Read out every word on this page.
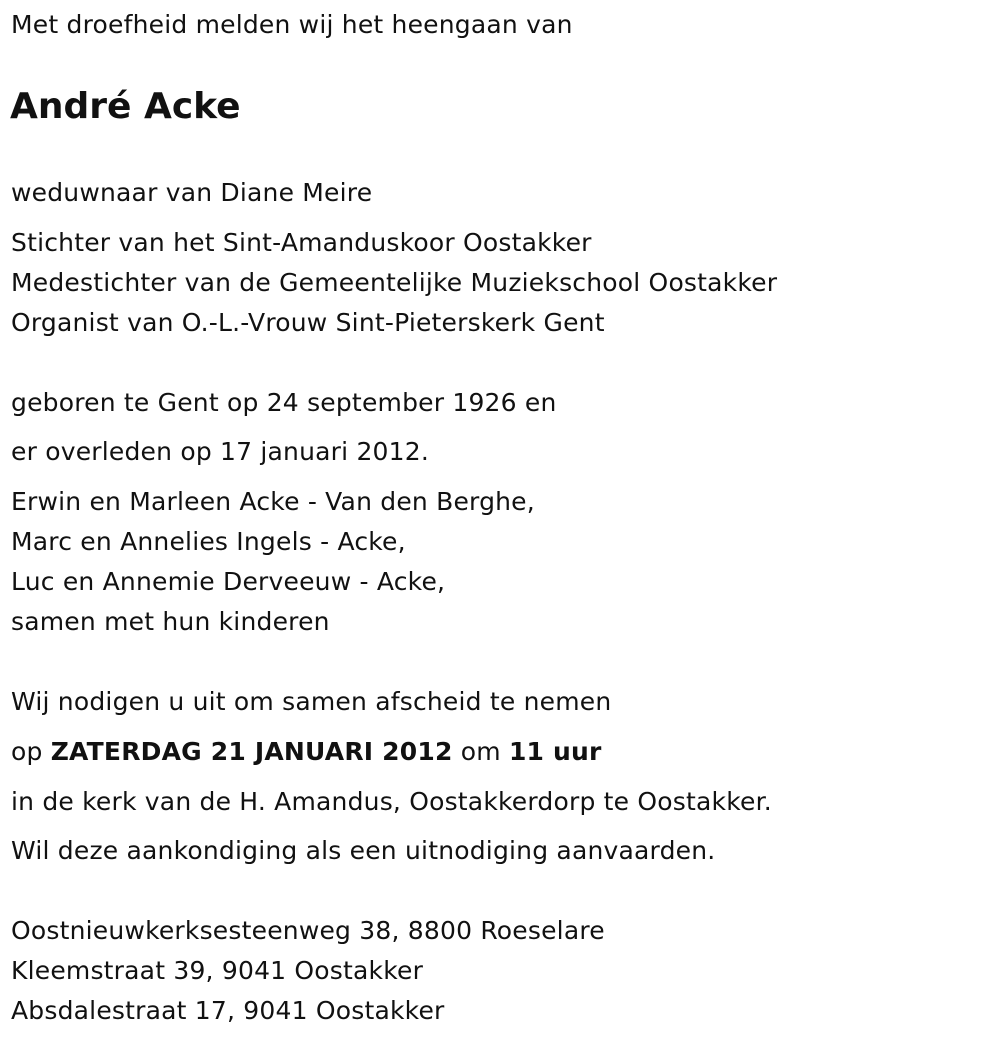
Met droefheid melden wij het heengaan van
André Acke
weduwnaar van Diane Meire
Stichter van het Sint-Amanduskoor Oostakker
Medestichter van de Gemeentelijke Muziekschool Oostakker
Organist van O.-L.-Vrouw Sint-Pieterskerk Gent
geboren te Gent op 24 september 1926 en
er overleden op 17 januari 2012.
Erwin en Marleen Acke - Van den Berghe,
Marc en Annelies Ingels - Acke,
Luc en Annemie Derveeuw - Acke,
samen met hun kinderen
Wij nodigen u uit om samen afscheid te nemen
op ZATERDAG 21 JANUARI 2012 om 11 uur
in de kerk van de H. Amandus, Oostakkerdorp te Oostakker.
Wil deze aankondiging als een uitnodiging aanvaarden.
Oostnieuwkerksesteenweg 38, 8800 Roeselare
Kleemstraat 39, 9041 Oostakker
Absdalestraat 17, 9041 Oostakker
